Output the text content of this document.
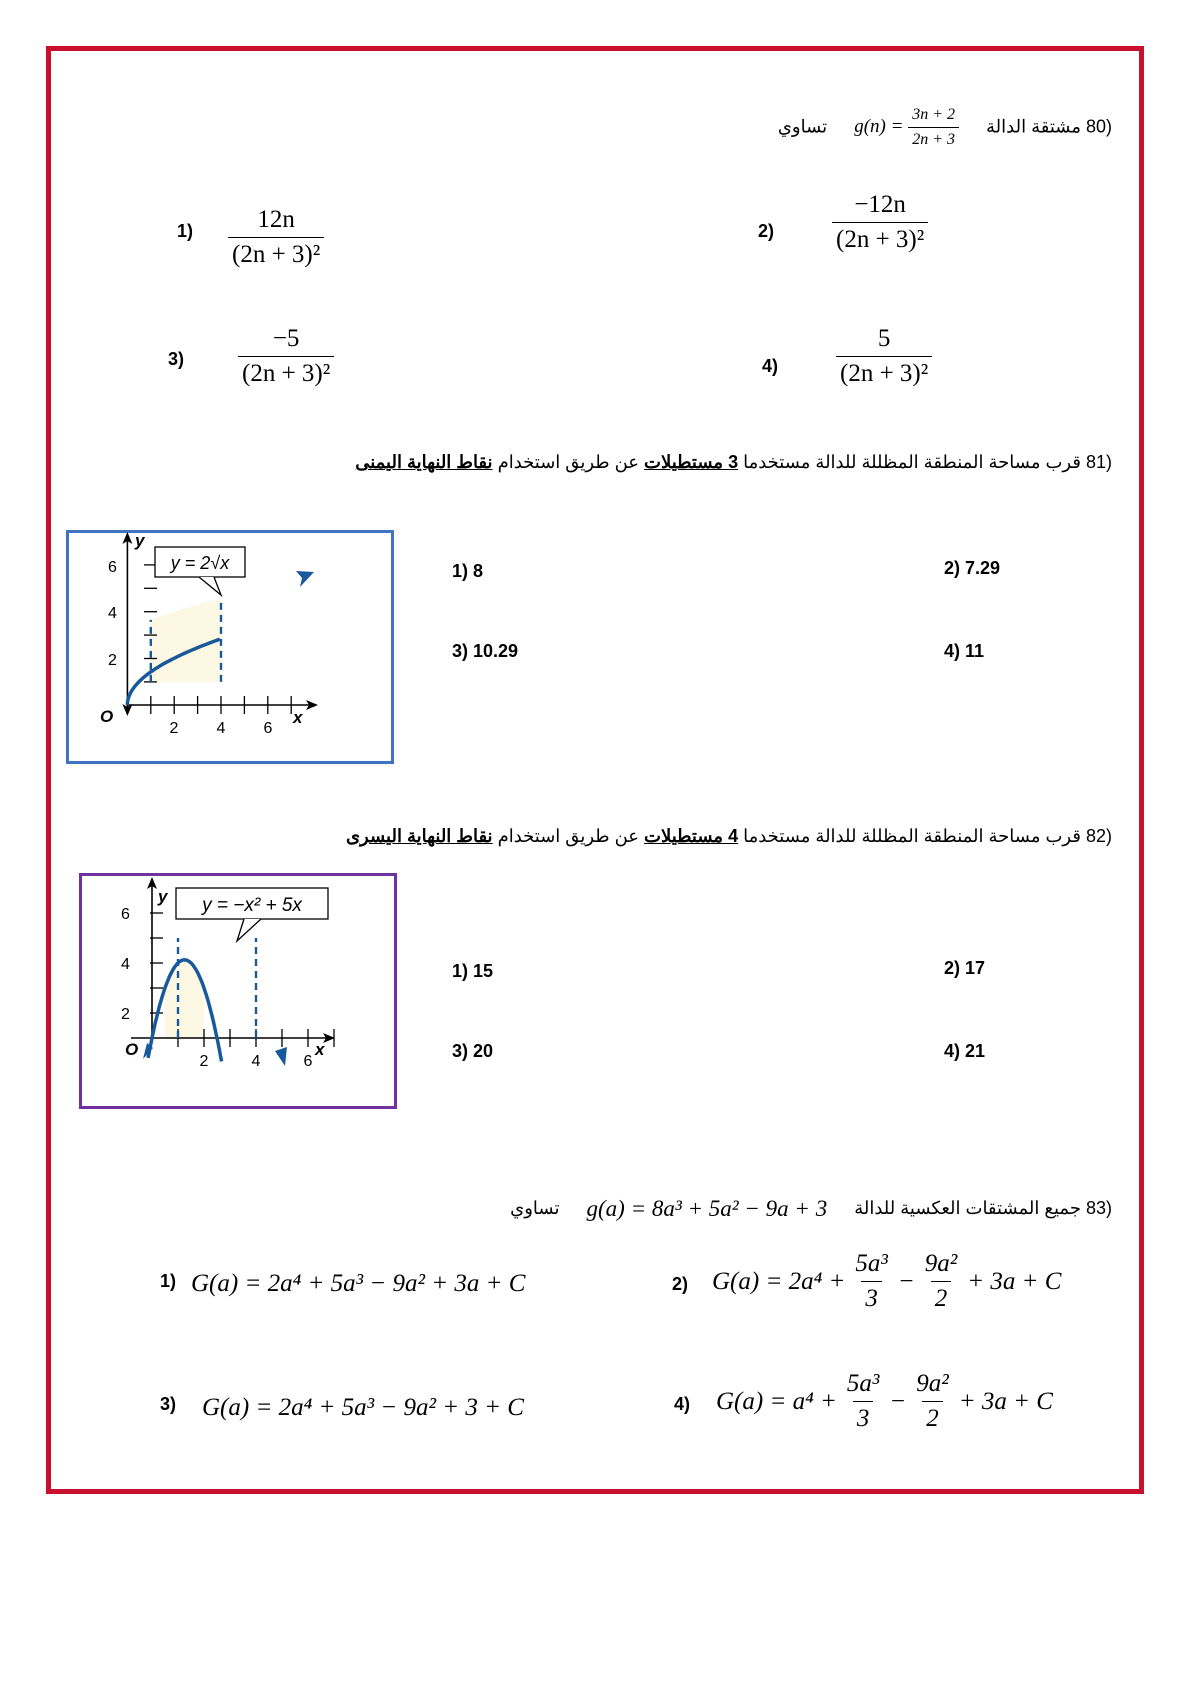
80) مشتقة الدالة $g(n) = \frac{3n + 2}{2n + 3}$
تساوي
$1) \frac{12n}{\text{(2n + 3)²}}$	$2) \frac{-12n}{\text{(2n + 3)²}}$
$3) \frac{-5}{\text{(2n + 3)²}}$	$4) \frac{5}{\text{(2n + 3)²}}$
81) قرب مساحة المنطقة المظللة للدالة مستخدما 3 مستطيلات عن طريق استخدام نقاط النهاية اليمنى
y = 2√x
y
x
O
6
4
2
2 4 6
1) 8	2) 7.29
3) 10.29	4) 11
82) قرب مساحة المنطقة المظللة للدالة مستخدما 4 مستطيلات عن طريق استخدام نقاط النهاية اليسرى
y = −x² + 5x
y
x
O
6
4
2
2	4	6
1) 15	2) 17
3) 20	4) 21
83) جميع المشتقات العكسية للدالة g(a) = 8a³ + 5a² − 9a + 3 تساوي
1) G(a) = 2a⁴ + 5a³ − 9a² + 3a + C	2) $G(a) = 2a^4 + \frac{\text{5a³}}{3} - \frac{\text{9a²}}{2} + 3a + C$
3) G(a) = 2a⁴ + 5a³ − 9a² + 3 + C	4) $G(a) = a^4 + \frac{\text{5a³}}{3} - \frac{\text{9a²}}{2} + 3a + C$
